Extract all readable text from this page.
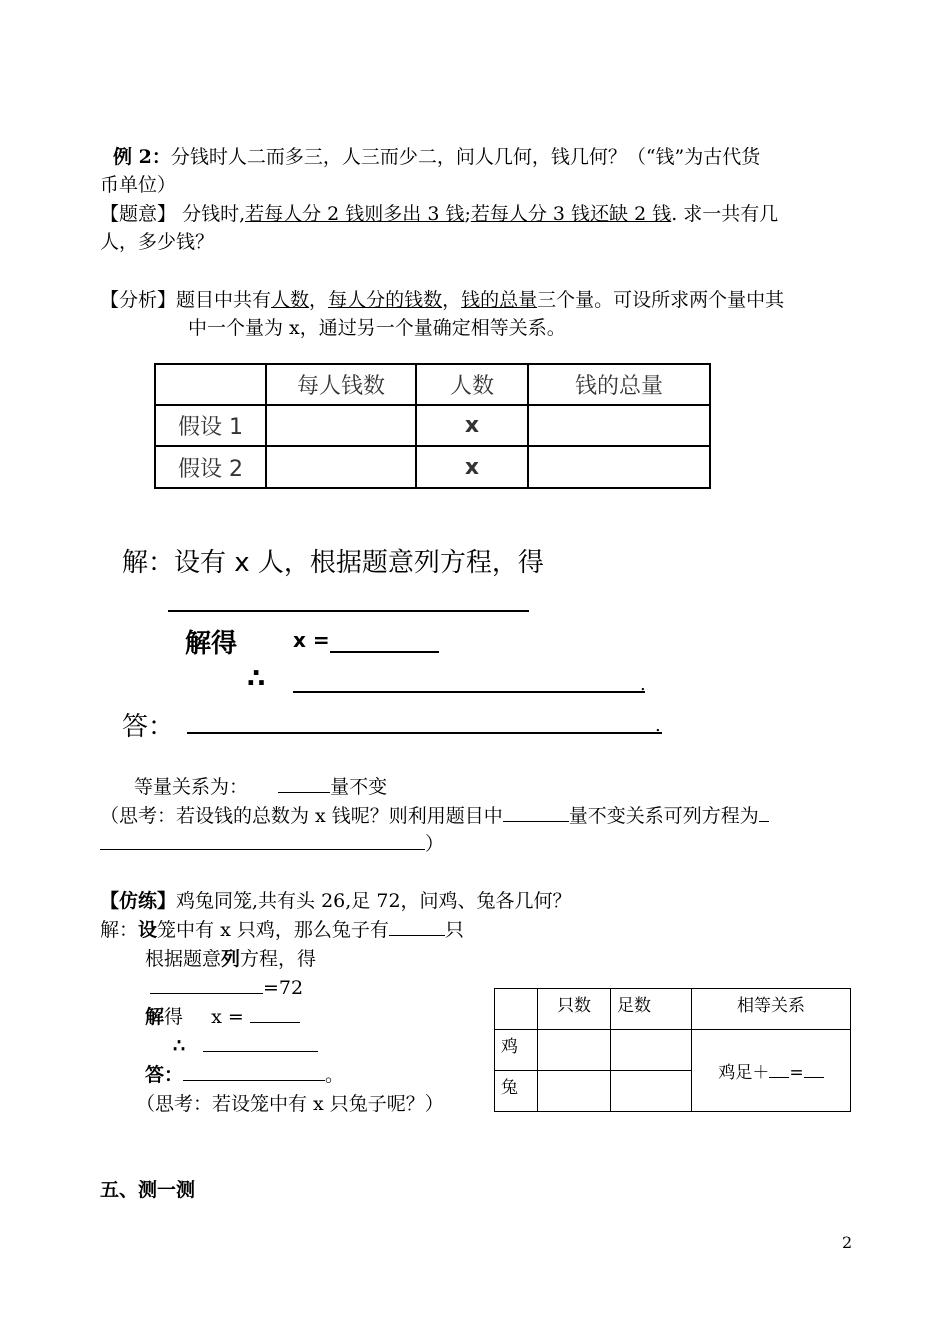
例 2：分钱时人二而多三，人三而少二，问人几何，钱几何？（“钱”为古代货
币单位）
【题意】 分钱时,若每人分 2 钱则多出 3 钱;若每人分 3 钱还缺 2 钱. 求一共有几
人，多少钱？
【分析】题目中共有人数，每人分的钱数，钱的总量三个量。可设所求两个量中其
中一个量为 x，通过另一个量确定相等关系。
	每人钱数	人数	钱的总量
假设 1		x	
假设 2		x	
解：设有 x 人，根据题意列方程，得
解得	x =
∴	.
答：	.
等量关系为：	量不变
（思考：若设钱的总数为 x 钱呢？则利用题目中	量不变关系可列方程为
）
【仿练】鸡兔同笼,共有头 26,足 72，问鸡、兔各几何？
解：设笼中有 x 只鸡，那么兔子有	只
根据题意列方程，得
=72
解得 x =
∴
答：	。
（思考：若设笼中有 x 只兔子呢？）
	只数	足数	相等关系
鸡			鸡足＋ =
兔			
五、测一测
2
